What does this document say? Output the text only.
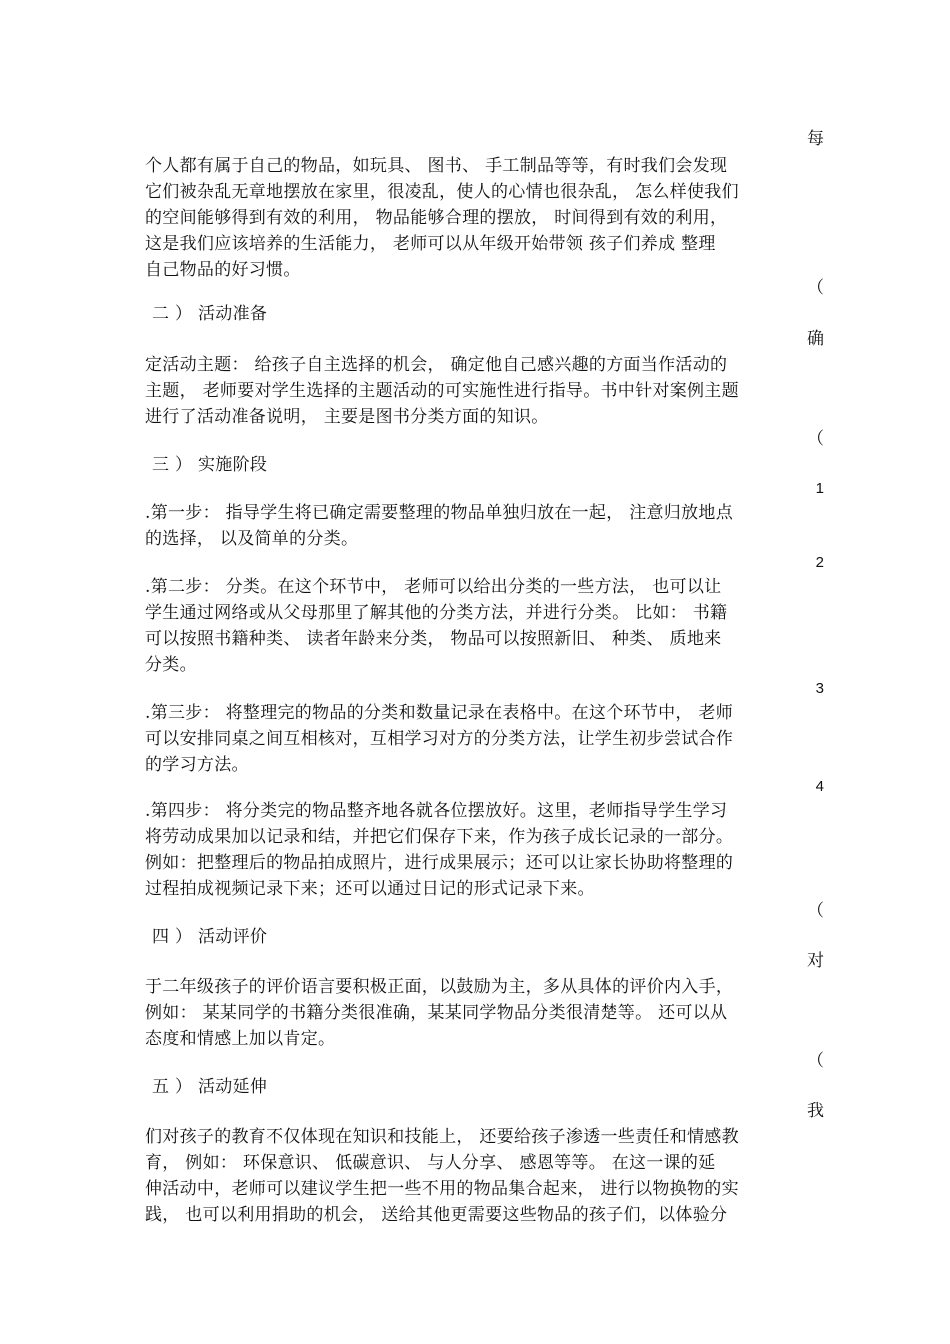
每
个人都有属于自己的物品，如玩具、 图书、 手工制品等等，有时我们会发现
它们被杂乱无章地摆放在家里，很凌乱，使人的心情也很杂乱， 怎么样使我们
的空间能够得到有效的利用， 物品能够合理的摆放， 时间得到有效的利用，
这是我们应该培养的生活能力， 老师可以从年级开始带领 孩子们养成 整理
自己物品的好习惯。
（
二 ） 活动准备
确
定活动主题： 给孩子自主选择的机会， 确定他自己感兴趣的方面当作活动的
主题， 老师要对学生选择的主题活动的可实施性进行指导。书中针对案例主题
进行了活动准备说明， 主要是图书分类方面的知识。
（
三 ） 实施阶段
1
.第一步： 指导学生将已确定需要整理的物品单独归放在一起， 注意归放地点
的选择， 以及简单的分类。
2
.第二步： 分类。在这个环节中， 老师可以给出分类的一些方法， 也可以让
学生通过网络或从父母那里了解其他的分类方法，并进行分类。 比如： 书籍
可以按照书籍种类、 读者年龄来分类， 物品可以按照新旧、 种类、 质地来
分类。
3
.第三步： 将整理完的物品的分类和数量记录在表格中。在这个环节中， 老师
可以安排同桌之间互相核对，互相学习对方的分类方法，让学生初步尝试合作
的学习方法。
4
.第四步： 将分类完的物品整齐地各就各位摆放好。这里，老师指导学生学习
将劳动成果加以记录和结，并把它们保存下来，作为孩子成长记录的一部分。
例如：把整理后的物品拍成照片，进行成果展示；还可以让家长协助将整理的
过程拍成视频记录下来；还可以通过日记的形式记录下来。
（
四 ） 活动评价
对
于二年级孩子的评价语言要积极正面，以鼓励为主，多从具体的评价内入手，
例如： 某某同学的书籍分类很准确，某某同学物品分类很清楚等。 还可以从
态度和情感上加以肯定。
（
五 ） 活动延伸
我
们对孩子的教育不仅体现在知识和技能上， 还要给孩子渗透一些责任和情感教
育， 例如： 环保意识、 低碳意识、 与人分享、 感恩等等。 在这一课的延
伸活动中，老师可以建议学生把一些不用的物品集合起来， 进行以物换物的实
践， 也可以利用捐助的机会， 送给其他更需要这些物品的孩子们，以体验分
